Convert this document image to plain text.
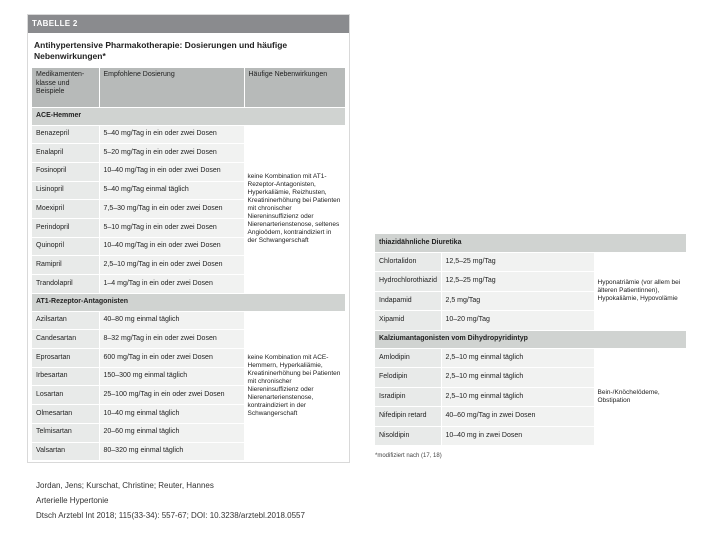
TABELLE 2
Antihypertensive Pharmakotherapie: Dosierungen und häufige Nebenwirkungen*
Medikamenten-klasse und Beispiele	Empfohlene Dosierung	Häufige Nebenwirkungen
ACE-Hemmer		
Benazepril	5–40 mg/Tag in ein oder zwei Dosen	keine Kombination mit AT1-Rezeptor-Antagonisten, Hyperkaliämie, Reizhusten, Kreatininerhöhung bei Patienten mit chronischer Niereninsuffizienz oder Nierenarterienstenose, seltenes Angioödem, kontraindiziert in der Schwangerschaft
Enalapril	5–20 mg/Tag in ein oder zwei Dosen	
Fosinopril	10–40 mg/Tag in ein oder zwei Dosen	
Lisinopril	5–40 mg/Tag einmal täglich	
Moexipril	7,5–30 mg/Tag in ein oder zwei Dosen	
Perindopril	5–10 mg/Tag in ein oder zwei Dosen	
Quinopril	10–40 mg/Tag in ein oder zwei Dosen	
Ramipril	2,5–10 mg/Tag in ein oder zwei Dosen	
Trandolapril	1–4 mg/Tag in ein oder zwei Dosen	
AT1-Rezeptor-Antagonisten		
Azilsartan	40–80 mg einmal täglich	keine Kombination mit ACE-Hemmern, Hyperkaliämie, Kreatininerhöhung bei Patienten mit chronischer Niereninsuffizienz oder Nierenarterienstenose, kontraindiziert in der Schwangerschaft
Candesartan	8–32 mg/Tag in ein oder zwei Dosen	
Eprosartan	600 mg/Tag in ein oder zwei Dosen	
Irbesartan	150–300 mg einmal täglich	
Losartan	25–100 mg/Tag in ein oder zwei Dosen	
Olmesartan	10–40 mg einmal täglich	
Telmisartan	20–60 mg einmal täglich	
Valsartan	80–320 mg einmal täglich	
thiazidähnliche Diuretika		
Chlortalidon	12,5–25 mg/Tag	Hyponatriämie (vor allem bei älteren Patientinnen), Hypokaliämie, Hypovolämie
Hydrochlorothiazid	12,5–25 mg/Tag	
Indapamid	2,5 mg/Tag	
Xipamid	10–20 mg/Tag	
Kalziumantagonisten vom Dihydropyridintyp		
Amlodipin	2,5–10 mg einmal täglich	Bein-/Knöchelödeme, Obstipation
Felodipin	2,5–10 mg einmal täglich	
Isradipin	2,5–10 mg einmal täglich	
Nifedipin retard	40–60 mg/Tag in zwei Dosen	
Nisoldipin	10–40 mg in zwei Dosen	
*modifiziert nach (17, 18)
Jordan, Jens; Kurschat, Christine; Reuter, Hannes
Arterielle Hypertonie
Dtsch Arztebl Int 2018; 115(33-34): 557-67; DOI: 10.3238/arztebl.2018.0557
